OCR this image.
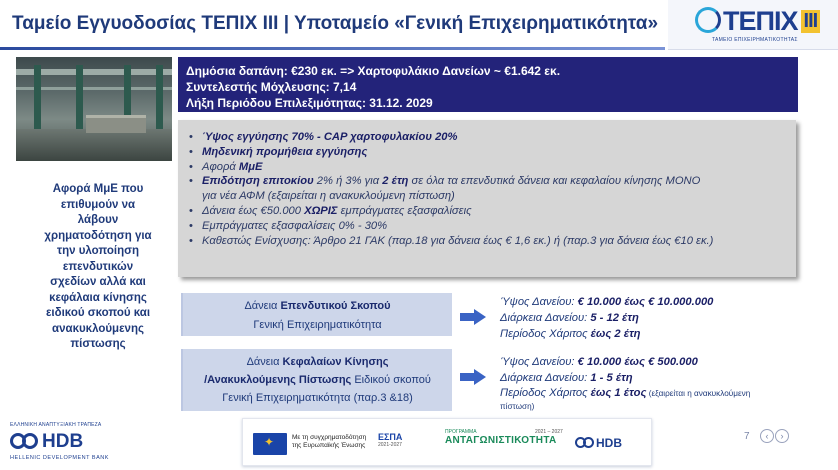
Ταμείο Εγγυοδοσίας ΤΕΠΙΧ ΙΙΙ | Υποταμείο «Γενική Επιχειρηματικότητα»	ΤΕΠΙΧ III
ΤΑΜΕΙΟ ΕΠΙΧΕΙΡΗΜΑΤΙΚΟΤΗΤΑΣ
Δημόσια δαπάνη: €230 εκ. => Χαρτοφυλάκιο Δανείων ~ €1.642 εκ.
Συντελεστής Μόχλευσης: 7,14
Λήξη Περιόδου Επιλεξιμότητας: 31.12. 2029
• Ύψος εγγύησης 70% - CAP χαρτοφυλακίου 20%
• Μηδενική προμήθεια εγγύησης
• Αφορά ΜμΕ
• Επιδότηση επιτοκίου 2% ή 3% για 2 έτη σε όλα τα επενδυτικά δάνεια και κεφαλαίου κίνησης ΜΟΝΟ
για νέα ΑΦΜ (εξαιρείται η ανακυκλούμενη πίστωση)
• Δάνεια έως €50.000 ΧΩΡΙΣ εμπράγματες εξασφαλίσεις
• Εμπράγματες εξασφαλίσεις 0% - 30%
• Καθεστώς Ενίσχυσης: Άρθρο 21 ΓΑΚ (παρ.18 για δάνεια έως € 1,6 εκ.) ή (παρ.3 για δάνεια έως €10 εκ.)
Αφορά ΜμΕ που επιθυμούν να λάβουν χρηματοδότηση για την υλοποίηση επενδυτικών σχεδίων αλλά και κεφάλαια κίνησης ειδικού σκοπού και ανακυκλούμενης πίστωσης
Δάνεια Επενδυτικού Σκοπού
Γενική Επιχειρηματικότητα
Ύψος Δανείου: € 10.000 έως € 10.000.000
Διάρκεια Δανείου: 5 - 12 έτη
Περίοδος Χάριτος έως 2 έτη
Δάνεια Κεφαλαίων Κίνησης
/Ανακυκλούμενης Πίστωσης Ειδικού σκοπού
Γενική Επιχειρηματικότητα (παρ.3 &18)
Ύψος Δανείου: € 10.000 έως € 500.000
Διάρκεια Δανείου: 1 - 5 έτη
Περίοδος Χάριτος έως 1 έτος (εξαιρείται η ανακυκλούμενη
πίστωση)
ΕΛΛΗΝΙΚΗ ΑΝΑΠΤΥΞΙΑΚΗ ΤΡΑΠΕΖΑ
HDB
HELLENIC DEVELOPMENT BANK
✦
Με τη συγχρηματοδότηση
της Ευρωπαϊκής Ένωσης
ΕΣΠΑ
2021-2027
ΠΡΟΓΡΑΜΜΑ	2021 – 2027
ΑΝΤΑΓΩΝΙΣΤΙΚΟΤΗΤΑ	HDB	7	‹	›
